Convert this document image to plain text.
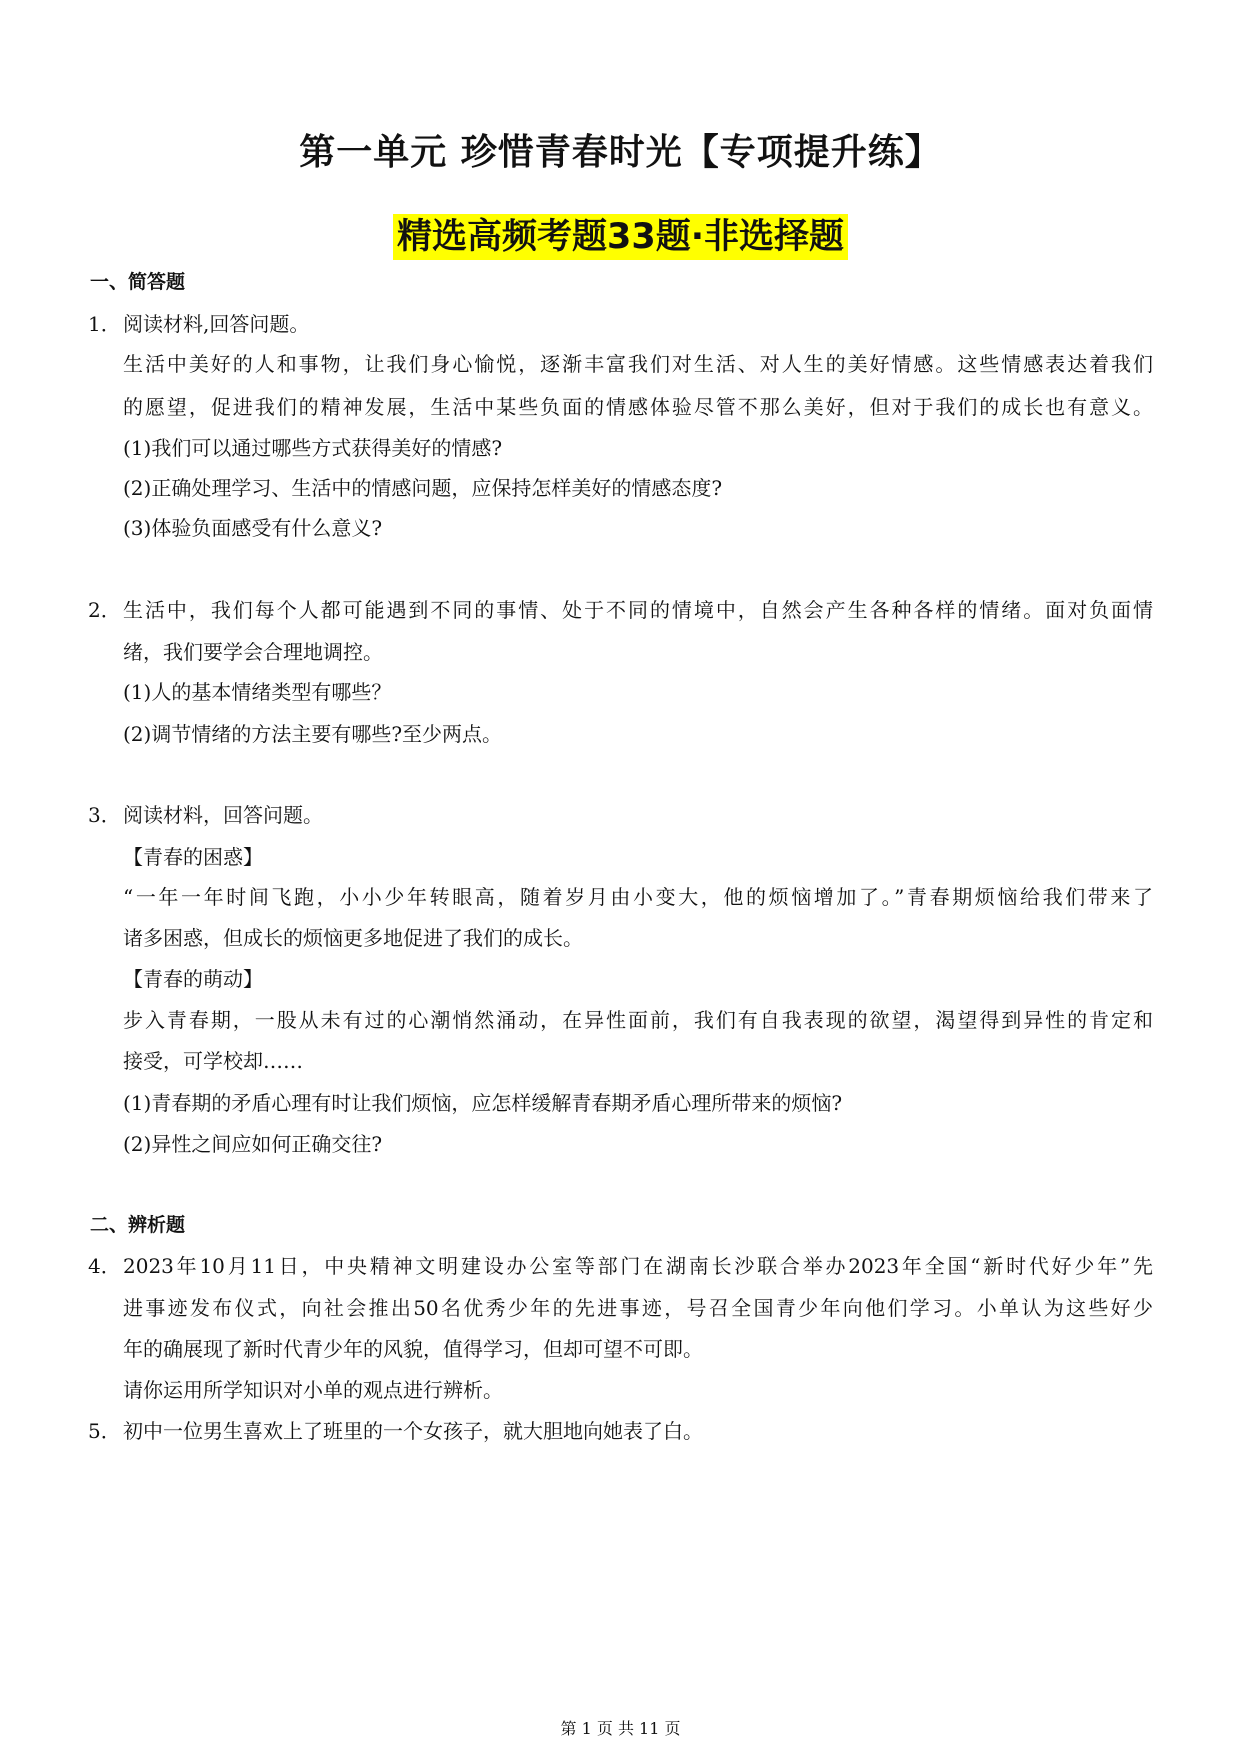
第一单元 珍惜青春时光【专项提升练】
精选高频考题33题·非选择题
一、简答题
1． 阅读材料,回答问题。
生活中美好的人和事物，让我们身心愉悦，逐渐丰富我们对生活、对人生的美好情感。这些情感表达着我们
的愿望，促进我们的精神发展，生活中某些负面的情感体验尽管不那么美好，但对于我们的成长也有意义。
(1)我们可以通过哪些方式获得美好的情感?
(2)正确处理学习、生活中的情感问题，应保持怎样美好的情感态度?
(3)体验负面感受有什么意义?
2． 生活中，我们每个人都可能遇到不同的事情、处于不同的情境中，自然会产生各种各样的情绪。面对负面情
绪，我们要学会合理地调控。
(1)人的基本情绪类型有哪些？
(2)调节情绪的方法主要有哪些?至少两点。
3． 阅读材料，回答问题。
【青春的困惑】
“一年一年时间飞跑，小小少年转眼高，随着岁月由小变大，他的烦恼增加了。”青春期烦恼给我们带来了
诸多困惑，但成长的烦恼更多地促进了我们的成长。
【青春的萌动】
步入青春期，一股从未有过的心潮悄然涌动，在异性面前，我们有自我表现的欲望，渴望得到异性的肯定和
接受，可学校却……
(1)青春期的矛盾心理有时让我们烦恼，应怎样缓解青春期矛盾心理所带来的烦恼?
(2)异性之间应如何正确交往?
二、辨析题
4． 2023年10月11日，中央精神文明建设办公室等部门在湖南长沙联合举办2023年全国“新时代好少年”先
进事迹发布仪式，向社会推出50名优秀少年的先进事迹，号召全国青少年向他们学习。小单认为这些好少
年的确展现了新时代青少年的风貌，值得学习，但却可望不可即。
请你运用所学知识对小单的观点进行辨析。
5． 初中一位男生喜欢上了班里的一个女孩子，就大胆地向她表了白。
第 1 页 共 11 页
